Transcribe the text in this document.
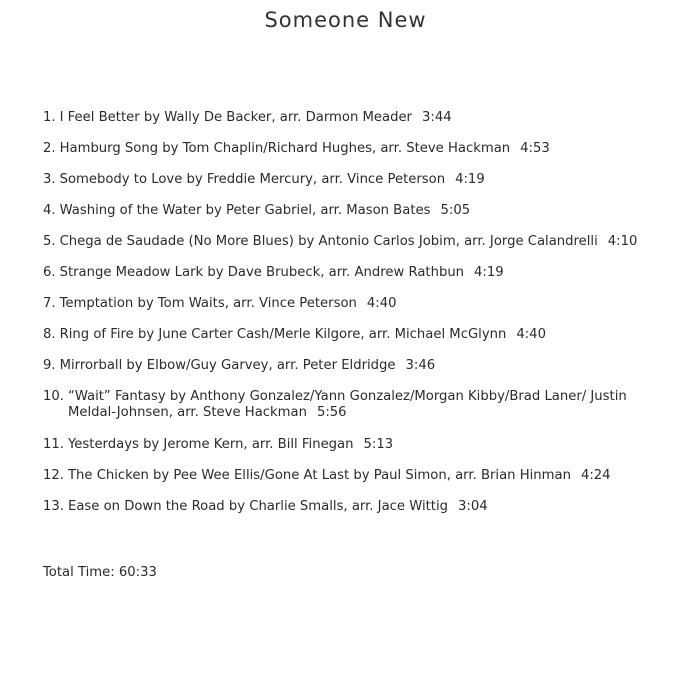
Someone New
1. I Feel Better by Wally De Backer, arr. Darmon Meader 3:44
2. Hamburg Song by Tom Chaplin/Richard Hughes, arr. Steve Hackman 4:53
3. Somebody to Love by Freddie Mercury, arr. Vince Peterson 4:19
4. Washing of the Water by Peter Gabriel, arr. Mason Bates 5:05
5. Chega de Saudade (No More Blues) by Antonio Carlos Jobim, arr. Jorge Calandrelli 4:10
6. Strange Meadow Lark by Dave Brubeck, arr. Andrew Rathbun 4:19
7. Temptation by Tom Waits, arr. Vince Peterson 4:40
8. Ring of Fire by June Carter Cash/Merle Kilgore, arr. Michael McGlynn 4:40
9. Mirrorball by Elbow/Guy Garvey, arr. Peter Eldridge 3:46
10. “Wait” Fantasy by Anthony Gonzalez/Yann Gonzalez/Morgan Kibby/Brad Laner/ Justin Meldal-Johnsen, arr. Steve Hackman 5:56
11. Yesterdays by Jerome Kern, arr. Bill Finegan 5:13
12. The Chicken by Pee Wee Ellis/Gone At Last by Paul Simon, arr. Brian Hinman 4:24
13. Ease on Down the Road by Charlie Smalls, arr. Jace Wittig 3:04
Total Time: 60:33
